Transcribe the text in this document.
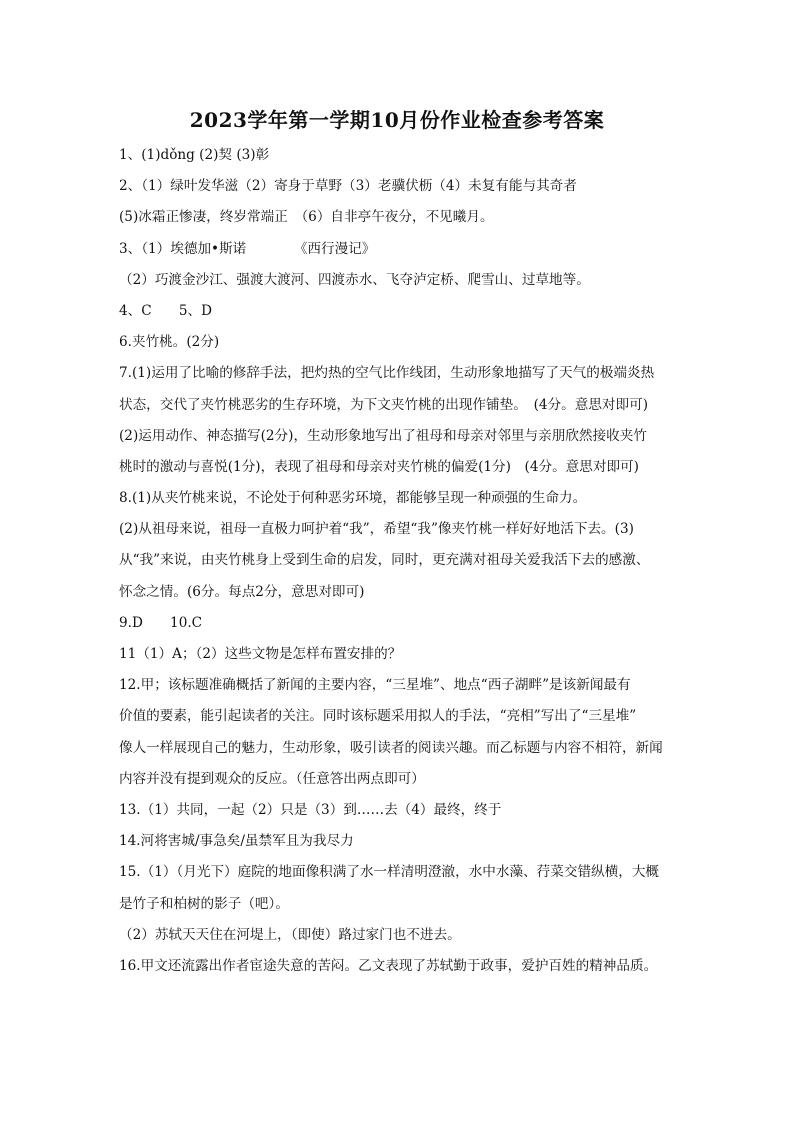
2023学年第一学期10月份作业检查参考答案
1、(1)dǒng (2)契 (3)彰
2、（1）绿叶发华滋（2）寄身于草野（3）老骥伏枥（4）未复有能与其奇者
(5)冰霜正惨凄，终岁常端正　（6）自非亭午夜分，不见曦月。
3、（1）埃德加•斯诺　　　　《西行漫记》
（2）巧渡金沙江、强渡大渡河、四渡赤水、飞夺泸定桥、爬雪山、过草地等。
4、C　　5、D
6.夹竹桃。(2分)
7.(1)运用了比喻的修辞手法，把灼热的空气比作线团，生动形象地描写了天气的极端炎热
状态，交代了夹竹桃恶劣的生存环境，为下文夹竹桃的出现作铺垫。　(4分。意思对即可)
(2)运用动作、神态描写(2分)，生动形象地写出了祖母和母亲对邻里与亲朋欣然接收夹竹
桃时的激动与喜悦(1分)，表现了祖母和母亲对夹竹桃的偏爱(1分)　(4分。意思对即可)
8.(1)从夹竹桃来说，不论处于何种恶劣环境，都能够呈现一种顽强的生命力。
(2)从祖母来说，祖母一直极力呵护着“我”，希望“我”像夹竹桃一样好好地活下去。(3)
从“我”来说，由夹竹桃身上受到生命的启发，同时，更充满对祖母关爱我活下去的感激、
怀念之情。(6分。每点2分，意思对即可)
9.D　　10.C
11（1）A；（2）这些文物是怎样布置安排的？
12.甲；该标题准确概括了新闻的主要内容，“三星堆”、地点“西子湖畔”是该新闻最有
价值的要素，能引起读者的关注。同时该标题采用拟人的手法，“亮相”写出了“三星堆”
像人一样展现自己的魅力，生动形象，吸引读者的阅读兴趣。而乙标题与内容不相符，新闻
内容并没有提到观众的反应。（任意答出两点即可）
13.（1）共同，一起（2）只是（3）到……去（4）最终，终于
14.河将害城/事急矣/虽禁军且为我尽力
15.（1）（月光下）庭院的地面像积满了水一样清明澄澈，水中水藻、荇菜交错纵横，大概
是竹子和柏树的影子（吧）。
（2）苏轼天天住在河堤上，（即使）路过家门也不进去。
16.甲文还流露出作者宦途失意的苦闷。乙文表现了苏轼勤于政事，爱护百姓的精神品质。
